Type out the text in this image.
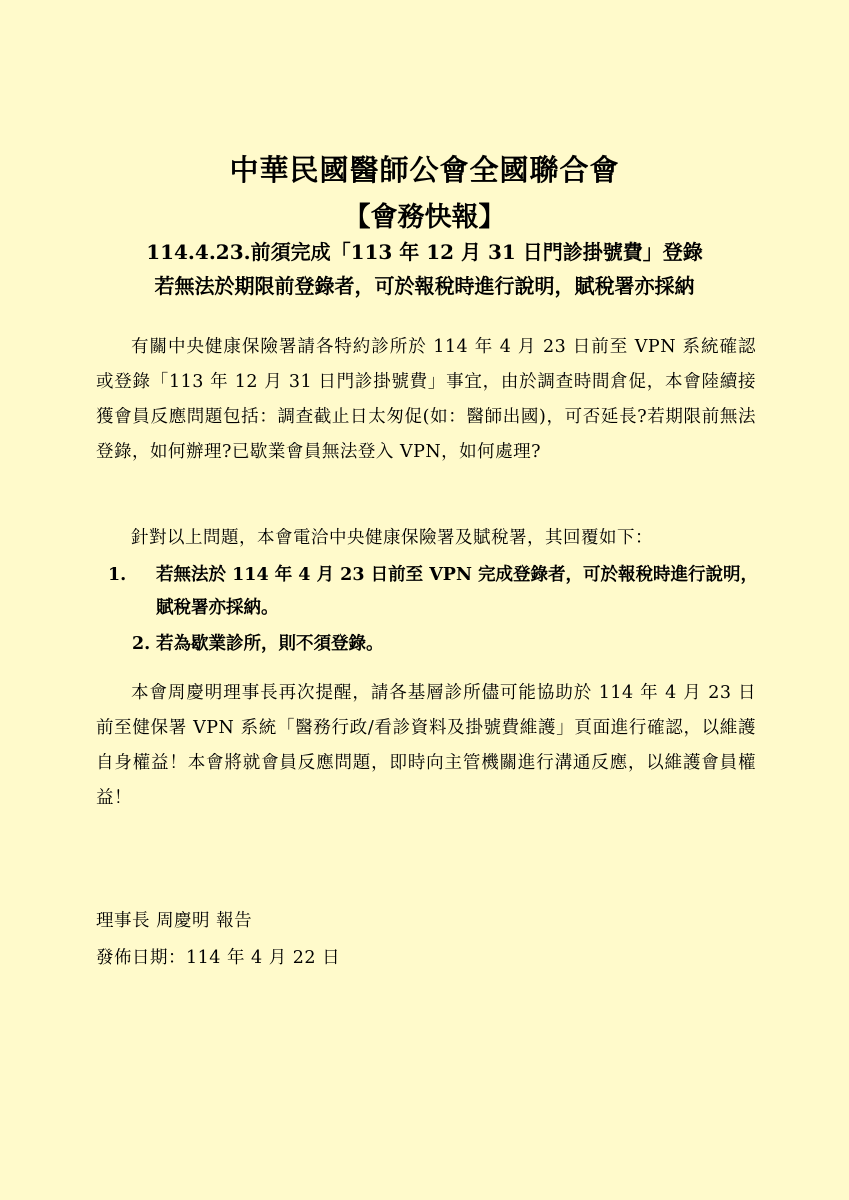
中華民國醫師公會全國聯合會
【會務快報】
114.4.23.前須完成「113 年 12 月 31 日門診掛號費」登錄
若無法於期限前登錄者，可於報稅時進行說明，賦稅署亦採納
有關中央健康保險署請各特約診所於 114 年 4 月 23 日前至 VPN 系統確認或登錄「113 年 12 月 31 日門診掛號費」事宜，由於調查時間倉促，本會陸續接獲會員反應問題包括：調查截止日太匆促(如：醫師出國)，可否延長?若期限前無法登錄，如何辦理?已歇業會員無法登入 VPN，如何處理?
針對以上問題，本會電洽中央健康保險署及賦稅署，其回覆如下：
1. 若無法於 114 年 4 月 23 日前至 VPN 完成登錄者，可於報稅時進行說明，賦稅署亦採納。
2. 若為歇業診所，則不須登錄。
本會周慶明理事長再次提醒，請各基層診所儘可能協助於 114 年 4 月 23 日前至健保署 VPN 系統「醫務行政/看診資料及掛號費維護」頁面進行確認，以維護自身權益！本會將就會員反應問題，即時向主管機關進行溝通反應，以維護會員權益！
理事長 周慶明 報告
發佈日期：114 年 4 月 22 日
